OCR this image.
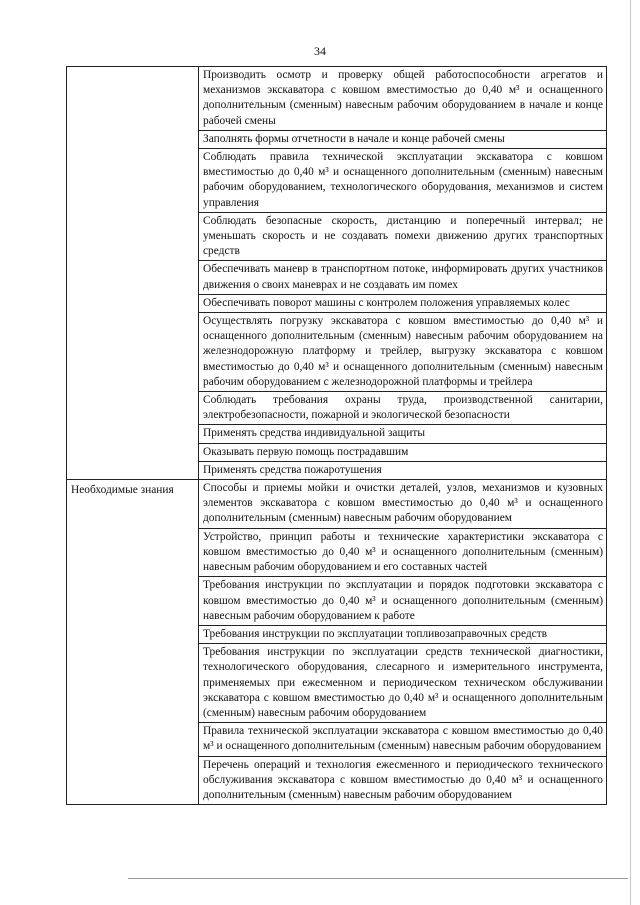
34

	Производить осмотр и проверку общей работоспособности агрегатов и механизмов экскаватора с ковшом вместимостью до 0,40 м³ и оснащенного дополнительным (сменным) навесным рабочим оборудованием в начале и конце рабочей смены

	Заполнять формы отчетности в начале и конце рабочей смены

	Соблюдать правила технической эксплуатации экскаватора с ковшом вместимостью до 0,40 м³ и оснащенного дополнительным (сменным) навесным рабочим оборудованием, технологического оборудования, механизмов и систем управления

	Соблюдать безопасные скорость, дистанцию и поперечный интервал; не уменьшать скорость и не создавать помехи движению других транспортных средств

	Обеспечивать маневр в транспортном потоке, информировать других участников движения о своих маневрах и не создавать им помех

	Обеспечивать поворот машины с контролем положения управляемых колес

	Осуществлять погрузку экскаватора с ковшом вместимостью до 0,40 м³ и оснащенного дополнительным (сменным) навесным рабочим оборудованием на железнодорожную платформу и трейлер, выгрузку экскаватора с ковшом вместимостью до 0,40 м³ и оснащенного дополнительным (сменным) навесным рабочим оборудованием с железнодорожной платформы и трейлера

	Соблюдать требования охраны труда, производственной санитарии, электробезопасности, пожарной и экологической безопасности

	Применять средства индивидуальной защиты

	Оказывать первую помощь пострадавшим

	Применять средства пожаротушения

Необходимые знания	Способы и приемы мойки и очистки деталей, узлов, механизмов и кузовных элементов экскаватора с ковшом вместимостью до 0,40 м³ и оснащенного дополнительным (сменным) навесным рабочим оборудованием

	Устройство, принцип работы и технические характеристики экскаватора с ковшом вместимостью до 0,40 м³ и оснащенного дополнительным (сменным) навесным рабочим оборудованием и его составных частей

	Требования инструкции по эксплуатации и порядок подготовки экскаватора с ковшом вместимостью до 0,40 м³ и оснащенного дополнительным (сменным) навесным рабочим оборудованием к работе

	Требования инструкции по эксплуатации топливозаправочных средств

	Требования инструкции по эксплуатации средств технической диагностики, технологического оборудования, слесарного и измерительного инструмента, применяемых при ежесменном и периодическом техническом обслуживании экскаватора с ковшом вместимостью до 0,40 м³ и оснащенного дополнительным (сменным) навесным рабочим оборудованием

	Правила технической эксплуатации экскаватора с ковшом вместимостью до 0,40 м³ и оснащенного дополнительным (сменным) навесным рабочим оборудованием

	Перечень операций и технология ежесменного и периодического технического обслуживания экскаватора с ковшом вместимостью до 0,40 м³ и оснащенного дополнительным (сменным) навесным рабочим оборудованием
